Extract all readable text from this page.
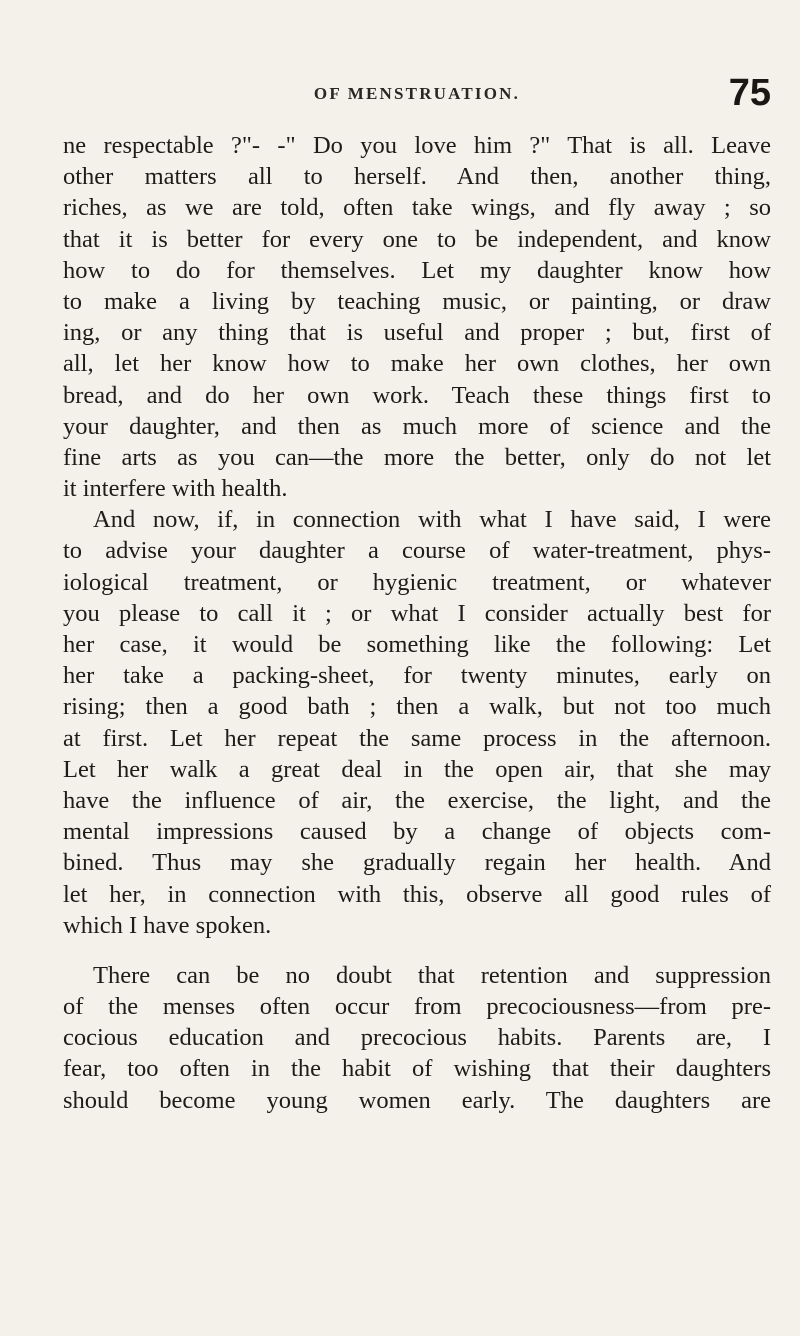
OF MENSTRUATION.	75
ne respectable ?"- -" Do you love him ?" That is all. Leave
other matters all to herself. And then, another thing,
riches, as we are told, often take wings, and fly away ; so
that it is better for every one to be independent, and know
how to do for themselves. Let my daughter know how
to make a living by teaching music, or painting, or draw
ing, or any thing that is useful and proper ; but, first of
all, let her know how to make her own clothes, her own
bread, and do her own work. Teach these things first to
your daughter, and then as much more of science and the
fine arts as you can—the more the better, only do not let
it interfere with health.
And now, if, in connection with what I have said, I were
to advise your daughter a course of water-treatment, phys-
iological treatment, or hygienic treatment, or whatever
you please to call it ; or what I consider actually best for
her case, it would be something like the following: Let
her take a packing-sheet, for twenty minutes, early on
rising; then a good bath ; then a walk, but not too much
at first. Let her repeat the same process in the afternoon.
Let her walk a great deal in the open air, that she may
have the influence of air, the exercise, the light, and the
mental impressions caused by a change of objects com-
bined. Thus may she gradually regain her health. And
let her, in connection with this, observe all good rules of
which I have spoken.
There can be no doubt that retention and suppression
of the menses often occur from precociousness—from pre-
cocious education and precocious habits. Parents are, I
fear, too often in the habit of wishing that their daughters
should become young women early. The daughters are
